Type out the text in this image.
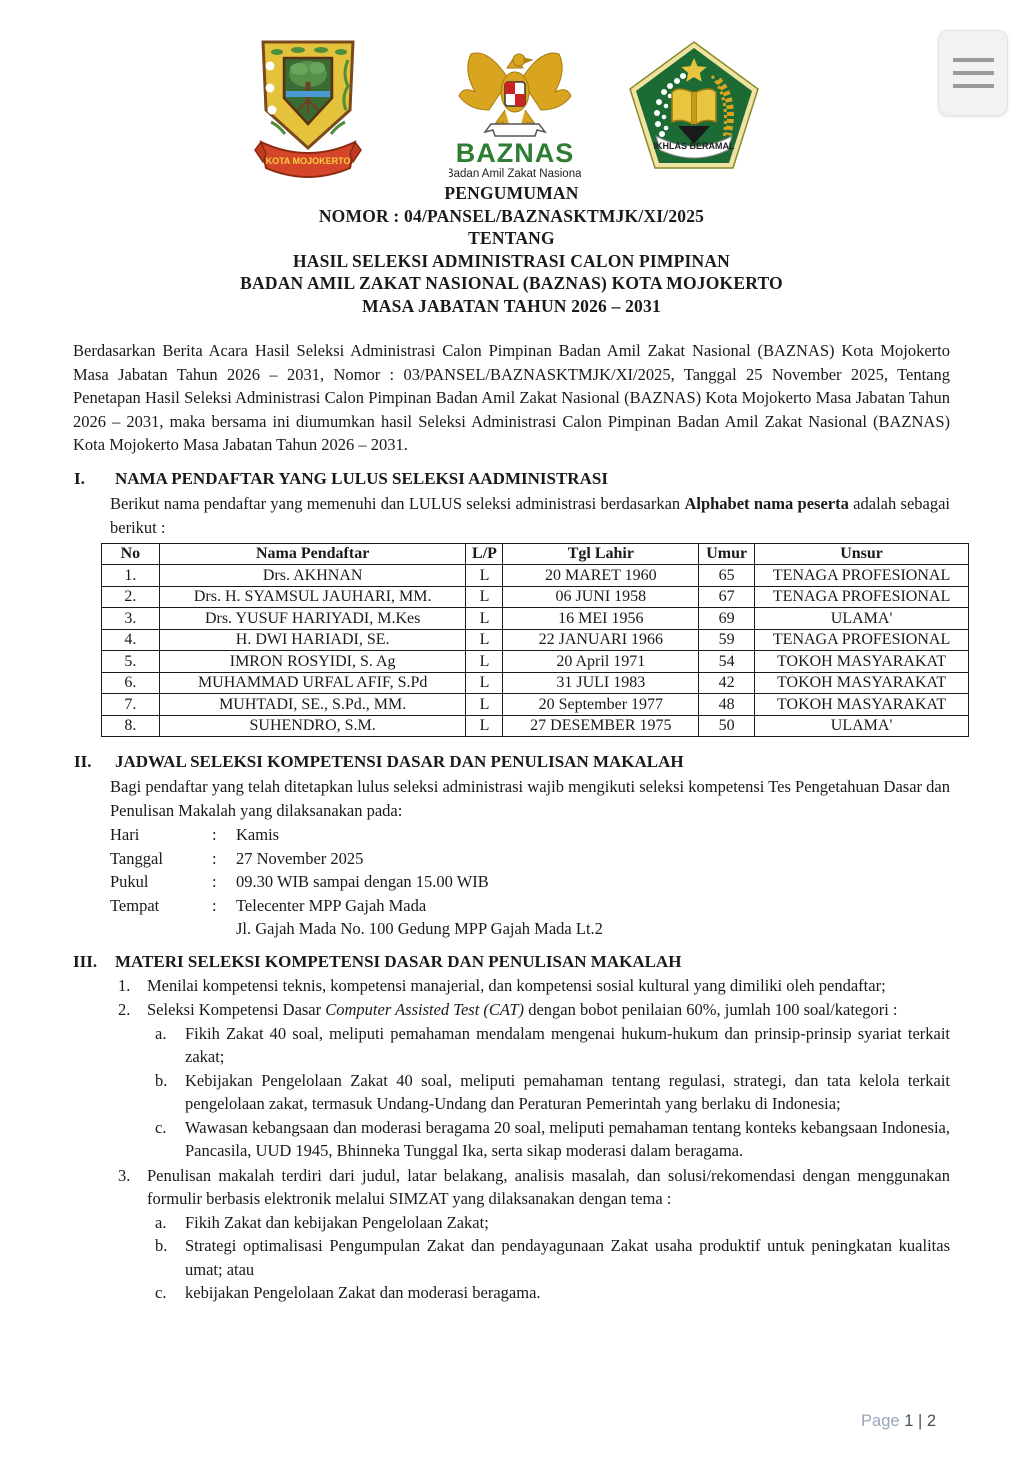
KOTA MOJOKERTO	BAZNAS
Badan Amil Zakat Nasional
IKHLAS BERAMAL
PENGUMUMAN
NOMOR : 04/PANSEL/BAZNASKTMJK/XI/2025
TENTANG
HASIL SELEKSI ADMINISTRASI CALON PIMPINAN
BADAN AMIL ZAKAT NASIONAL (BAZNAS) KOTA MOJOKERTO
MASA JABATAN TAHUN 2026 – 2031

Berdasarkan Berita Acara Hasil Seleksi Administrasi Calon Pimpinan Badan Amil Zakat Nasional (BAZNAS) Kota Mojokerto Masa Jabatan Tahun 2026 – 2031, Nomor : 03/PANSEL/BAZNASKTMJK/XI/2025, Tanggal 25 November 2025, Tentang Penetapan Hasil Seleksi Administrasi Calon Pimpinan Badan Amil Zakat Nasional (BAZNAS) Kota Mojokerto Masa Jabatan Tahun 2026 – 2031, maka bersama ini diumumkan hasil Seleksi Administrasi Calon Pimpinan Badan Amil Zakat Nasional (BAZNAS) Kota Mojokerto Masa Jabatan Tahun 2026 – 2031.

I. NAMA PENDAFTAR YANG LULUS SELEKSI AADMINISTRASI

Berikut nama pendaftar yang memenuhi dan LULUS seleksi administrasi berdasarkan Alphabet nama peserta adalah sebagai berikut :

No	Nama Pendaftar	L/P	Tgl Lahir	Umur	Unsur
1.	Drs. AKHNAN	L	20 MARET 1960	65	TENAGA PROFESIONAL
2.	Drs. H. SYAMSUL JAUHARI, MM.	L	06 JUNI 1958	67	TENAGA PROFESIONAL
3.	Drs. YUSUF HARIYADI, M.Kes	L	16 MEI 1956	69	ULAMA'
4.	H. DWI HARIADI, SE.	L	22 JANUARI 1966	59	TENAGA PROFESIONAL
5.	IMRON ROSYIDI, S. Ag	L	20 April 1971	54	TOKOH MASYARAKAT
6.	MUHAMMAD URFAL AFIF, S.Pd	L	31 JULI 1983	42	TOKOH MASYARAKAT
7.	MUHTADI, SE., S.Pd., MM.	L	20 September 1977	48	TOKOH MASYARAKAT
8.	SUHENDRO, S.M.	L	27 DESEMBER 1975	50	ULAMA'
II. JADWAL SELEKSI KOMPETENSI DASAR DAN PENULISAN MAKALAH

Bagi pendaftar yang telah ditetapkan lulus seleksi administrasi wajib mengikuti seleksi kompetensi Tes Pengetahuan Dasar dan Penulisan Makalah yang dilaksanakan pada:

Hari	:	Kamis
Tanggal	:	27 November 2025
Pukul	:	09.30 WIB sampai dengan 15.00 WIB
Tempat	:	Telecenter MPP Gajah Mada
Jl. Gajah Mada No. 100 Gedung MPP Gajah Mada Lt.2
III. MATERI SELEKSI KOMPETENSI DASAR DAN PENULISAN MAKALAH
1. Menilai kompetensi teknis, kompetensi manajerial, dan kompetensi sosial kultural yang dimiliki oleh pendaftar;
2. Seleksi Kompetensi Dasar Computer Assisted Test (CAT) dengan bobot penilaian 60%, jumlah 100 soal/kategori :
a. Fikih Zakat 40 soal, meliputi pemahaman mendalam mengenai hukum-hukum dan prinsip-prinsip syariat terkait zakat;
b. Kebijakan Pengelolaan Zakat 40 soal, meliputi pemahaman tentang regulasi, strategi, dan tata kelola terkait pengelolaan zakat, termasuk Undang-Undang dan Peraturan Pemerintah yang berlaku di Indonesia;
c. Wawasan kebangsaan dan moderasi beragama 20 soal, meliputi pemahaman tentang konteks kebangsaan Indonesia, Pancasila, UUD 1945, Bhinneka Tunggal Ika, serta sikap moderasi dalam beragama.
3. Penulisan makalah terdiri dari judul, latar belakang, analisis masalah, dan solusi/rekomendasi dengan menggunakan formulir berbasis elektronik melalui SIMZAT yang dilaksanakan dengan tema :
a. Fikih Zakat dan kebijakan Pengelolaan Zakat;
b. Strategi optimalisasi Pengumpulan Zakat dan pendayagunaan Zakat usaha produktif untuk peningkatan kualitas umat; atau
c. kebijakan Pengelolaan Zakat dan moderasi beragama.
Page 1 | 2
